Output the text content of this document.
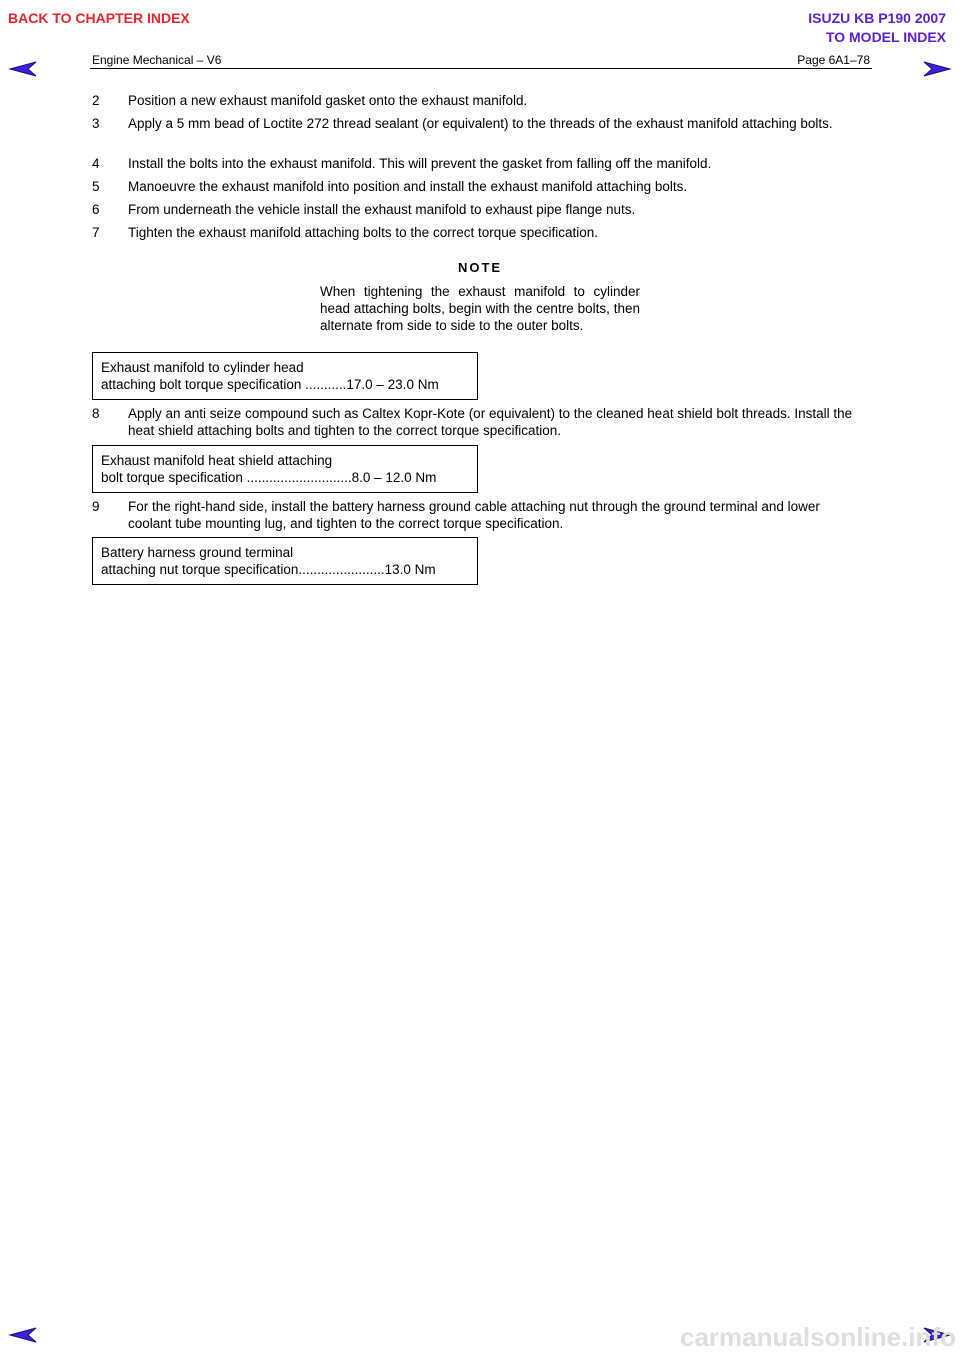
BACK TO CHAPTER INDEX	ISUZU KB P190 2007
TO MODEL INDEX
Engine Mechanical – V6	Page 6A1–78
2	Position a new exhaust manifold gasket onto the exhaust manifold.
3	Apply a 5 mm bead of Loctite 272 thread sealant (or equivalent) to the threads of the exhaust manifold attaching bolts.
4	Install the bolts into the exhaust manifold. This will prevent the gasket from falling off the manifold.
5	Manoeuvre the exhaust manifold into position and install the exhaust manifold attaching bolts.
6	From underneath the vehicle install the exhaust manifold to exhaust pipe flange nuts.
7	Tighten the exhaust manifold attaching bolts to the correct torque specification.
NOTE
When tightening the exhaust manifold to cylinder head attaching bolts, begin with the centre bolts, then alternate from side to side to the outer bolts.
Exhaust manifold to cylinder head
attaching bolt torque specification ...........17.0 – 23.0 Nm
8	Apply an anti seize compound such as Caltex Kopr-Kote (or equivalent) to the cleaned heat shield bolt threads. Install the heat shield attaching bolts and tighten to the correct torque specification.
Exhaust manifold heat shield attaching
bolt torque specification ............................8.0 – 12.0 Nm
9	For the right-hand side, install the battery harness ground cable attaching nut through the ground terminal and lower coolant tube mounting lug, and tighten to the correct torque specification.
Battery harness ground terminal
attaching nut torque specification.......................13.0 Nm
carmanualsonline.info
